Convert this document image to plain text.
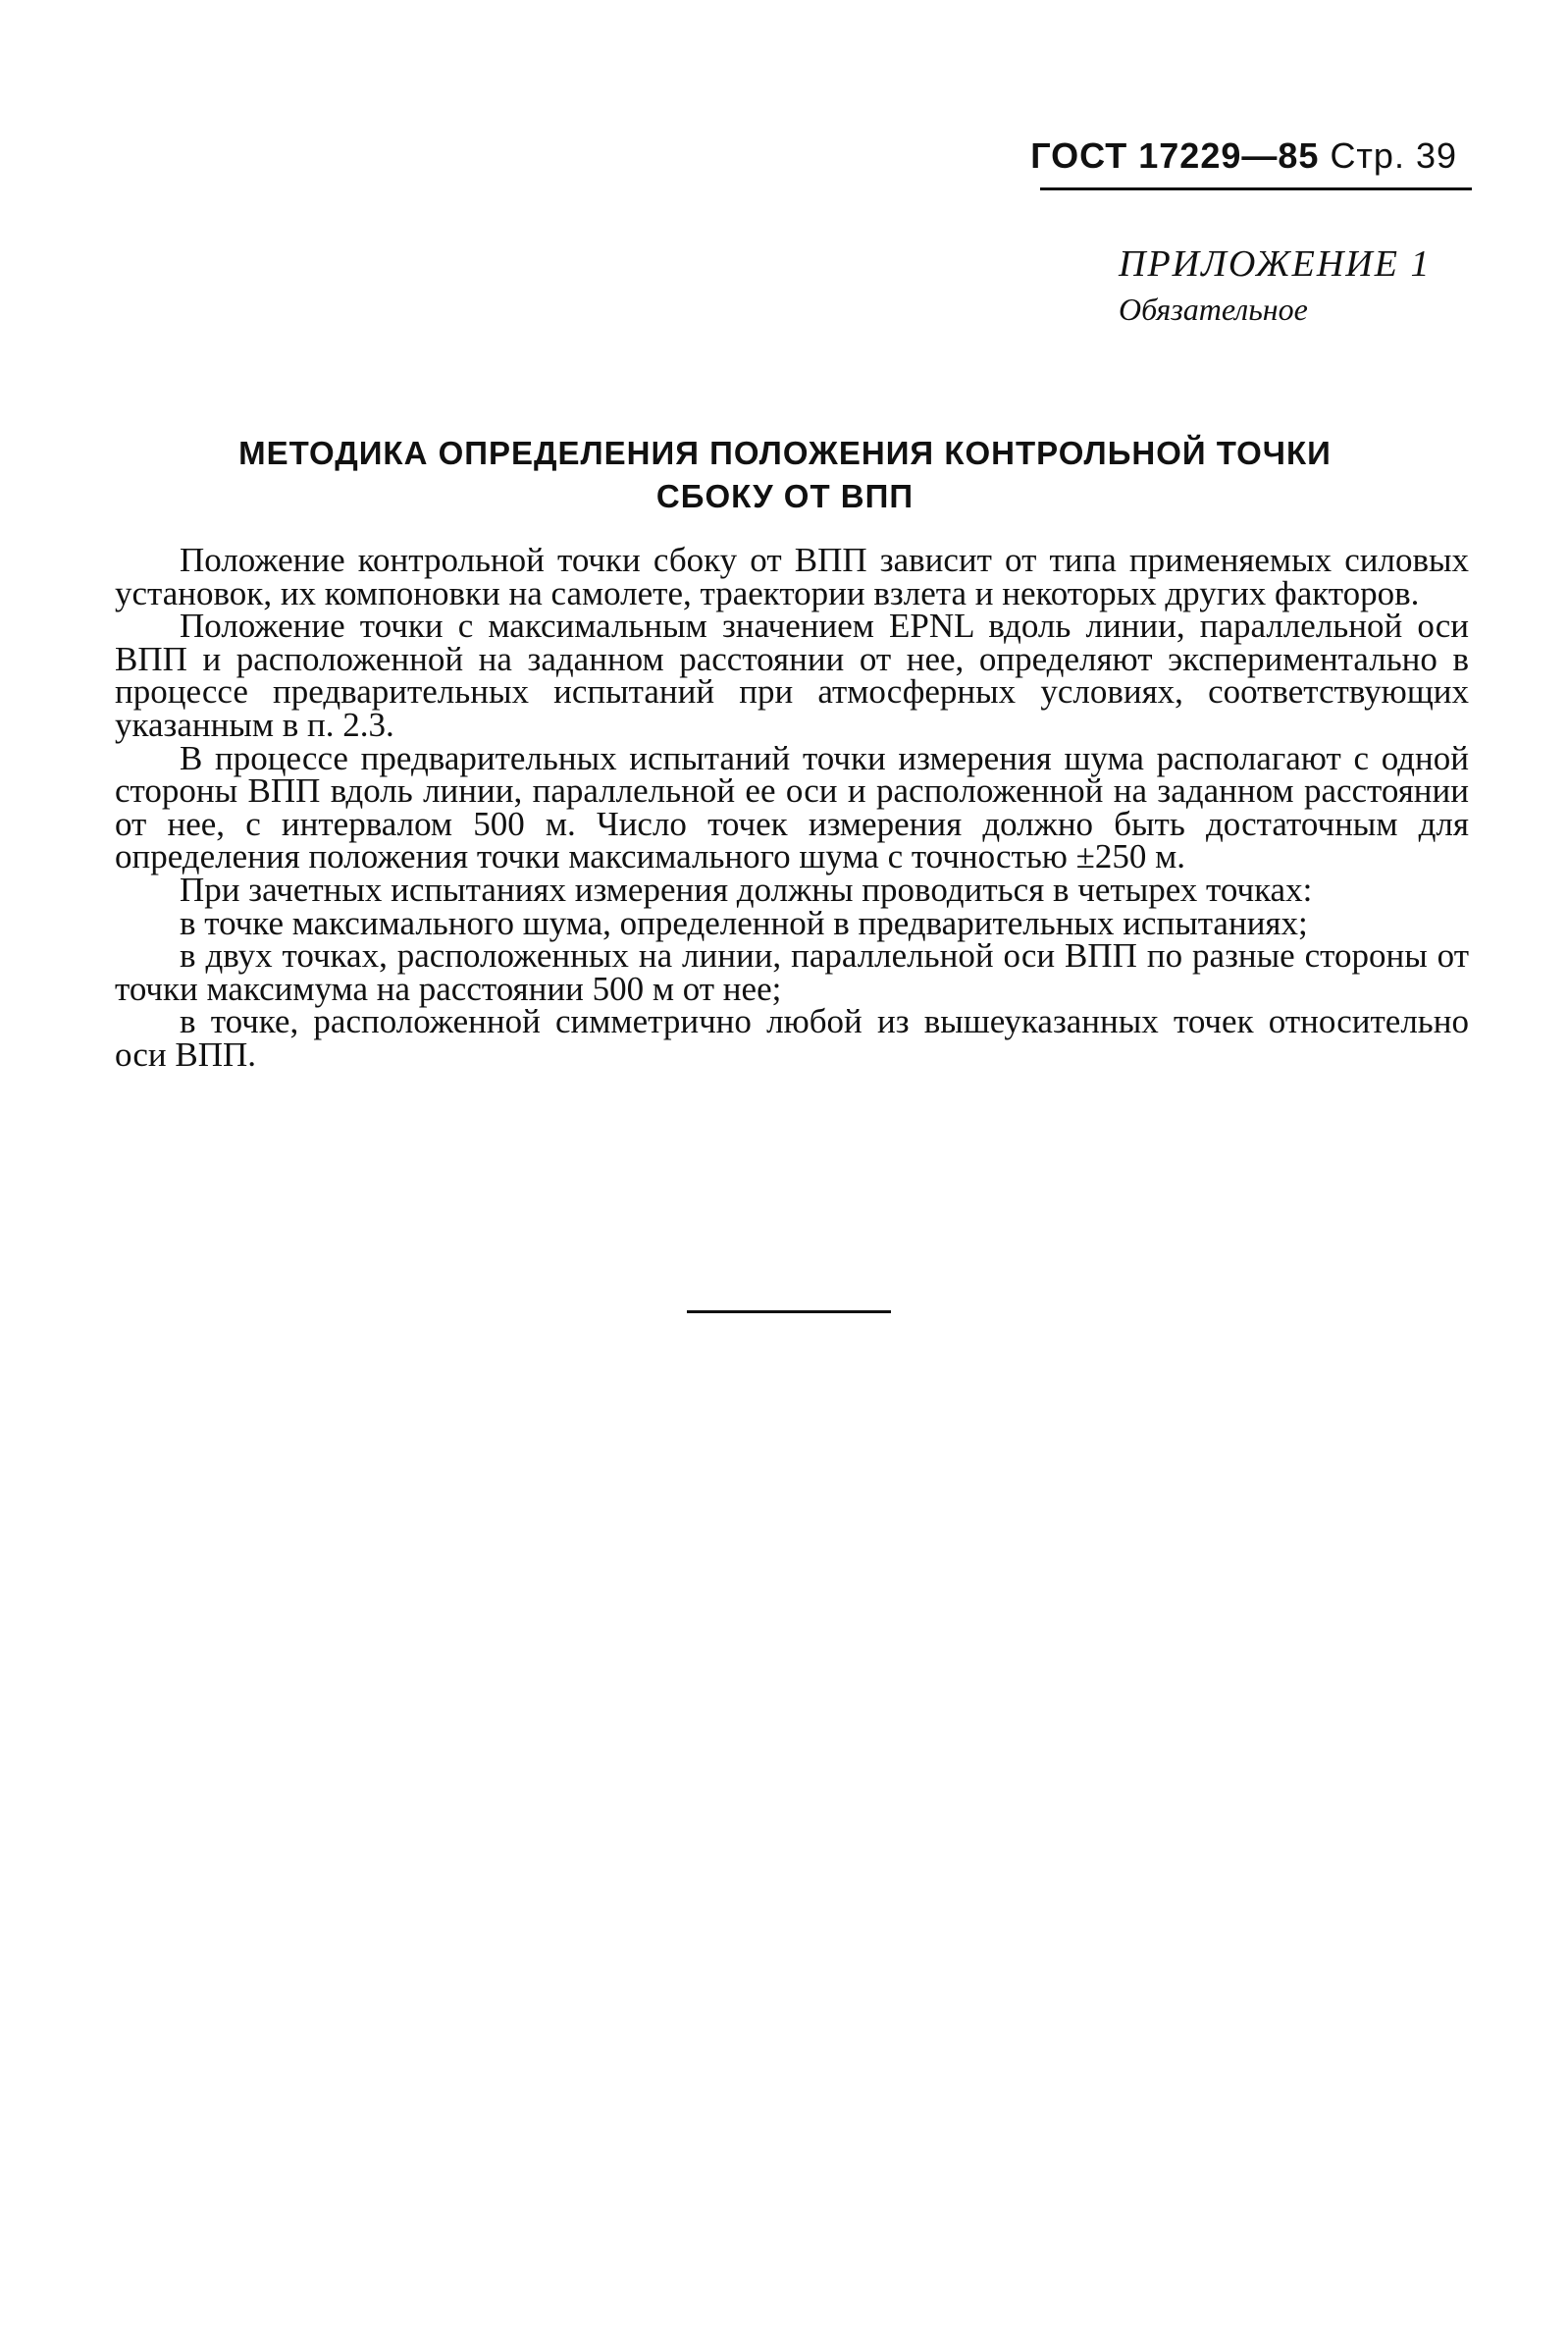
ГОСТ 17229—85 Стр. 39
ПРИЛОЖЕНИЕ 1
Обязательное
МЕТОДИКА ОПРЕДЕЛЕНИЯ ПОЛОЖЕНИЯ КОНТРОЛЬНОЙ ТОЧКИ
СБОКУ ОТ ВПП

Положение контрольной точки сбоку от ВПП зависит от типа применяемых силовых установок, их компоновки на самолете, траектории взлета и некоторых других факторов.

Положение точки с максимальным значением EPNL вдоль линии, параллельной оси ВПП и расположенной на заданном расстоянии от нее, определяют экспериментально в процессе предварительных испытаний при атмосферных условиях, соответствующих указанным в п. 2.3.

В процессе предварительных испытаний точки измерения шума располагают с одной стороны ВПП вдоль линии, параллельной ее оси и расположенной на заданном расстоянии от нее, с интервалом 500 м. Число точек измерения должно быть достаточным для определения положения точки максимального шума с точностью ±250 м.

При зачетных испытаниях измерения должны проводиться в четырех точках:

в точке максимального шума, определенной в предварительных испытаниях;

в двух точках, расположенных на линии, параллельной оси ВПП по разные стороны от точки максимума на расстоянии 500 м от нее;

в точке, расположенной симметрично любой из вышеуказанных точек относительно оси ВПП.
